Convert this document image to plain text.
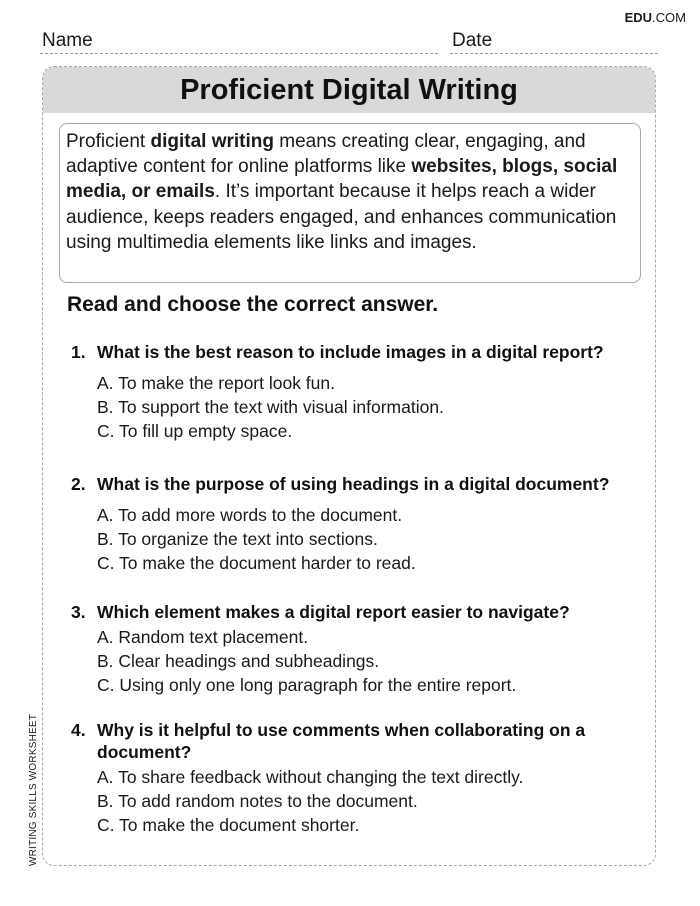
EDU.COM
Name	Date
WRITING SKILLS WORKSHEET
Proficient Digital Writing
Proficient digital writing means creating clear, engaging, and adaptive content for online platforms like websites, blogs, social media, or emails. It’s important because it helps reach a wider audience, keeps readers engaged, and enhances communication using multimedia elements like links and images.
Read and choose the correct answer.
1. What is the best reason to include images in a digital report?
A. To make the report look fun.
B. To support the text with visual information.
C. To fill up empty space.
2. What is the purpose of using headings in a digital document?
A. To add more words to the document.
B. To organize the text into sections.
C. To make the document harder to read.
3. Which element makes a digital report easier to navigate?
A. Random text placement.
B. Clear headings and subheadings.
C. Using only one long paragraph for the entire report.
4. Why is it helpful to use comments when collaborating on a document?
A. To share feedback without changing the text directly.
B. To add random notes to the document.
C. To make the document shorter.
